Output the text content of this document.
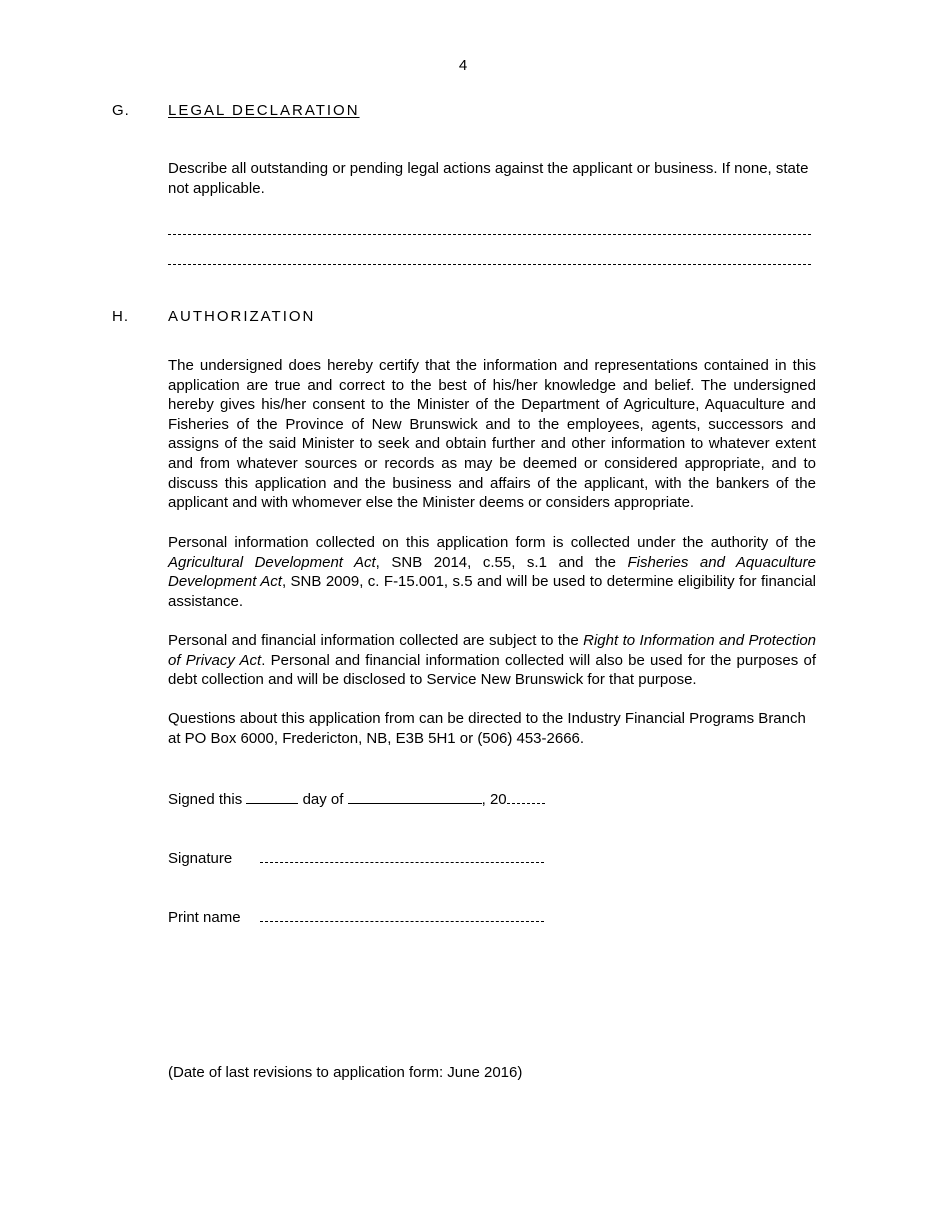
4
G.	LEGAL DECLARATION
Describe all outstanding or pending legal actions against the applicant or business. If none, state not applicable.
H.	AUTHORIZATION
The undersigned does hereby certify that the information and representations contained in this application are true and correct to the best of his/her knowledge and belief. The undersigned hereby gives his/her consent to the Minister of the Department of Agriculture, Aquaculture and Fisheries of the Province of New Brunswick and to the employees, agents, successors and assigns of the said Minister to seek and obtain further and other information to whatever extent and from whatever sources or records as may be deemed or considered appropriate, and to discuss this application and the business and affairs of the applicant, with the bankers of the applicant and with whomever else the Minister deems or considers appropriate.
Personal information collected on this application form is collected under the authority of the Agricultural Development Act, SNB 2014, c.55, s.1 and the Fisheries and Aquaculture Development Act, SNB 2009, c. F-15.001, s.5 and will be used to determine eligibility for financial assistance.
Personal and financial information collected are subject to the Right to Information and Protection of Privacy Act. Personal and financial information collected will also be used for the purposes of debt collection and will be disclosed to Service New Brunswick for that purpose.
Questions about this application from can be directed to the Industry Financial Programs Branch at PO Box 6000, Fredericton, NB, E3B 5H1 or (506) 453-2666.
Signed this	day of	, 20
Signature
Print name
(Date of last revisions to application form: June 2016)
